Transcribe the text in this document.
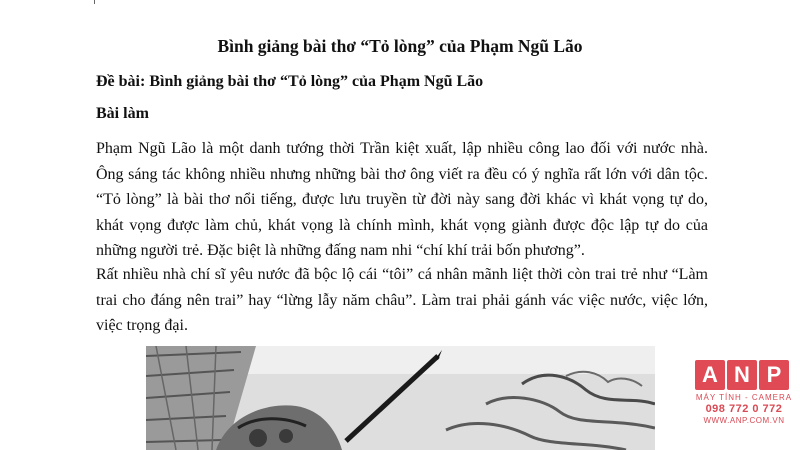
Bình giảng bài thơ “Tỏ lòng” của Phạm Ngũ Lão
Đề bài: Bình giảng bài thơ “Tỏ lòng” của Phạm Ngũ Lão
Bài làm

Phạm Ngũ Lão là một danh tướng thời Trần kiệt xuất, lập nhiều công lao đối với nước nhà. Ông sáng tác không nhiều nhưng những bài thơ ông viết ra đều có ý nghĩa rất lớn với dân tộc. “Tỏ lòng” là bài thơ nổi tiếng, được lưu truyền từ đời này sang đời khác vì khát vọng tự do, khát vọng được làm chủ, khát vọng là chính mình, khát vọng giành được độc lập tự do của những người trẻ. Đặc biệt là những đấng nam nhi “chí khí trải bốn phương”.

Rất nhiều nhà chí sĩ yêu nước đã bộc lộ cái “tôi” cá nhân mãnh liệt thời còn trai trẻ như “Làm trai cho đáng nên trai” hay “lừng lẫy năm châu”. Làm trai phải gánh vác việc nước, việc lớn, việc trọng đại.

A N P
MÁY TÍNH - CAMERA
098 772 0 772
WWW.ANP.COM.VN
